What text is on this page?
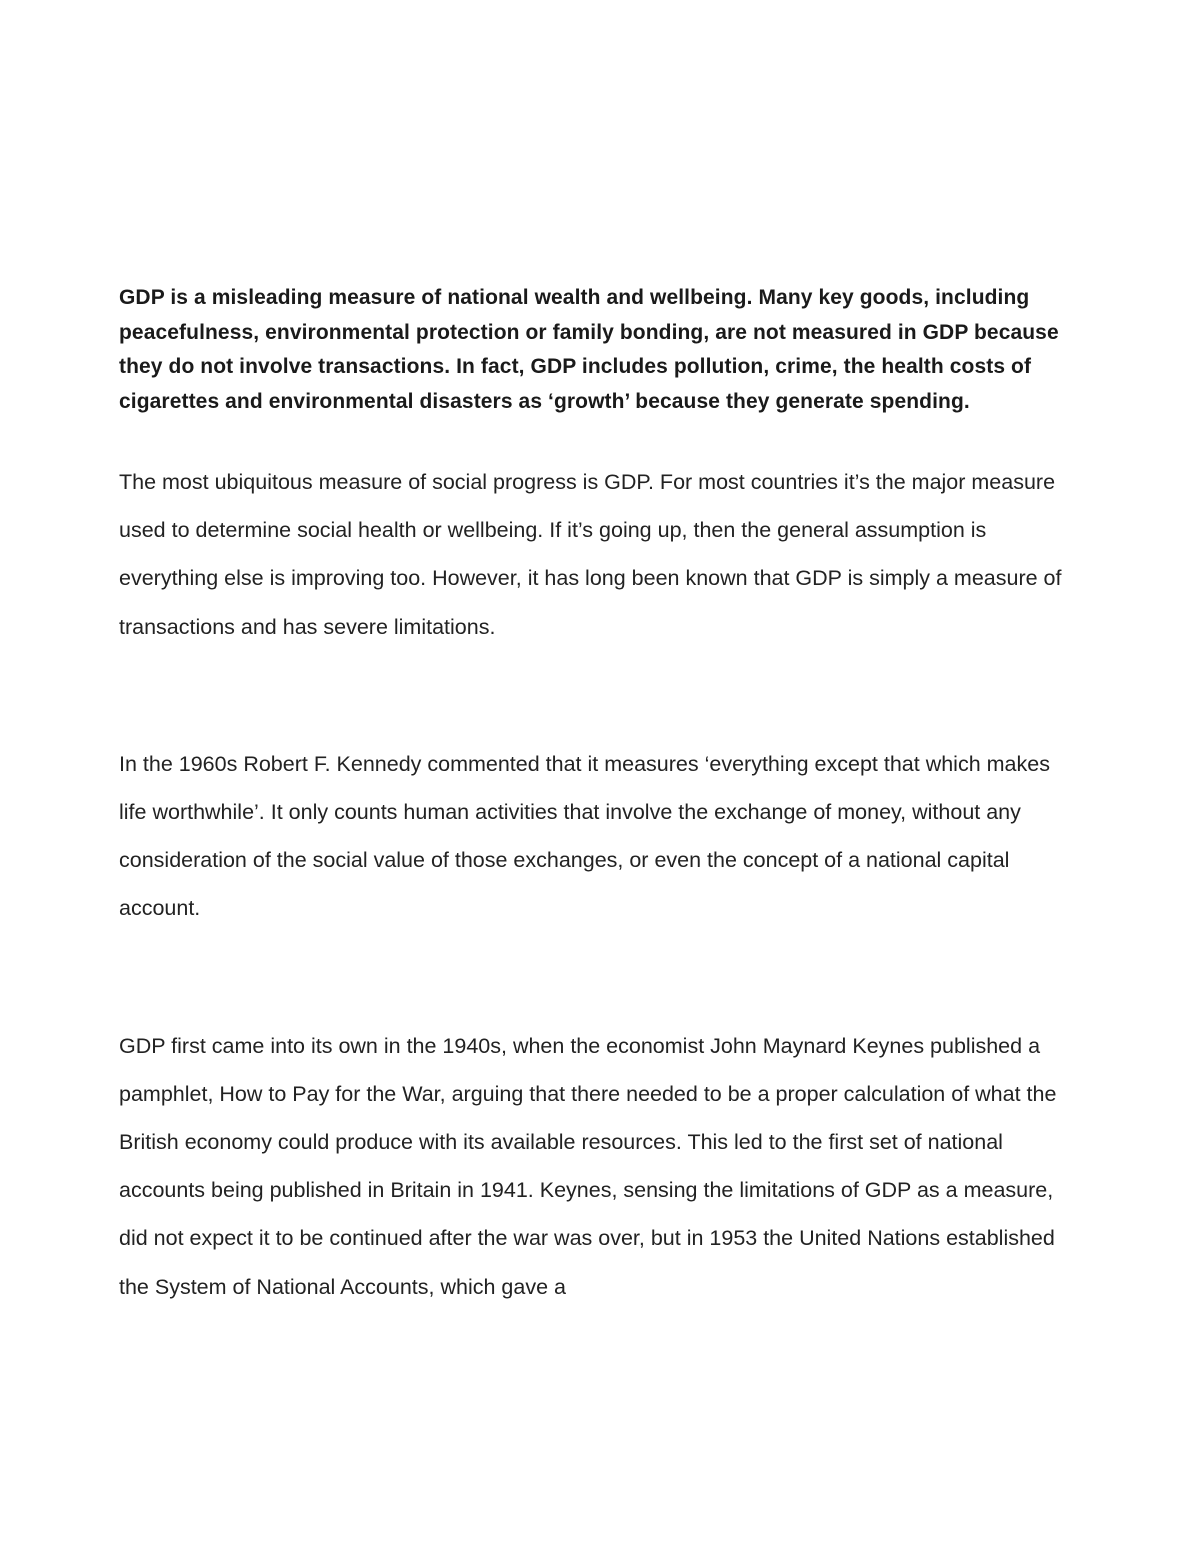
GDP is a misleading measure of national wealth and wellbeing. Many key goods, including peacefulness, environmental protection or family bonding, are not measured in GDP because they do not involve transactions. In fact, GDP includes pollution, crime, the health costs of cigarettes and environmental disasters as ‘growth’ because they generate spending.

The most ubiquitous measure of social progress is GDP. For most countries it’s the major measure used to determine social health or wellbeing. If it’s going up, then the general assumption is everything else is improving too. However, it has long been known that GDP is simply a measure of transactions and has severe limitations.

In the 1960s Robert F. Kennedy commented that it measures ‘everything except that which makes life worthwhile’. It only counts human activities that involve the exchange of money, without any consideration of the social value of those exchanges, or even the concept of a national capital account.

GDP first came into its own in the 1940s, when the economist John Maynard Keynes published a pamphlet, How to Pay for the War, arguing that there needed to be a proper calculation of what the British economy could produce with its available resources. This led to the first set of national accounts being published in Britain in 1941. Keynes, sensing the limitations of GDP as a measure, did not expect it to be continued after the war was over, but in 1953 the United Nations established the System of National Accounts, which gave a
